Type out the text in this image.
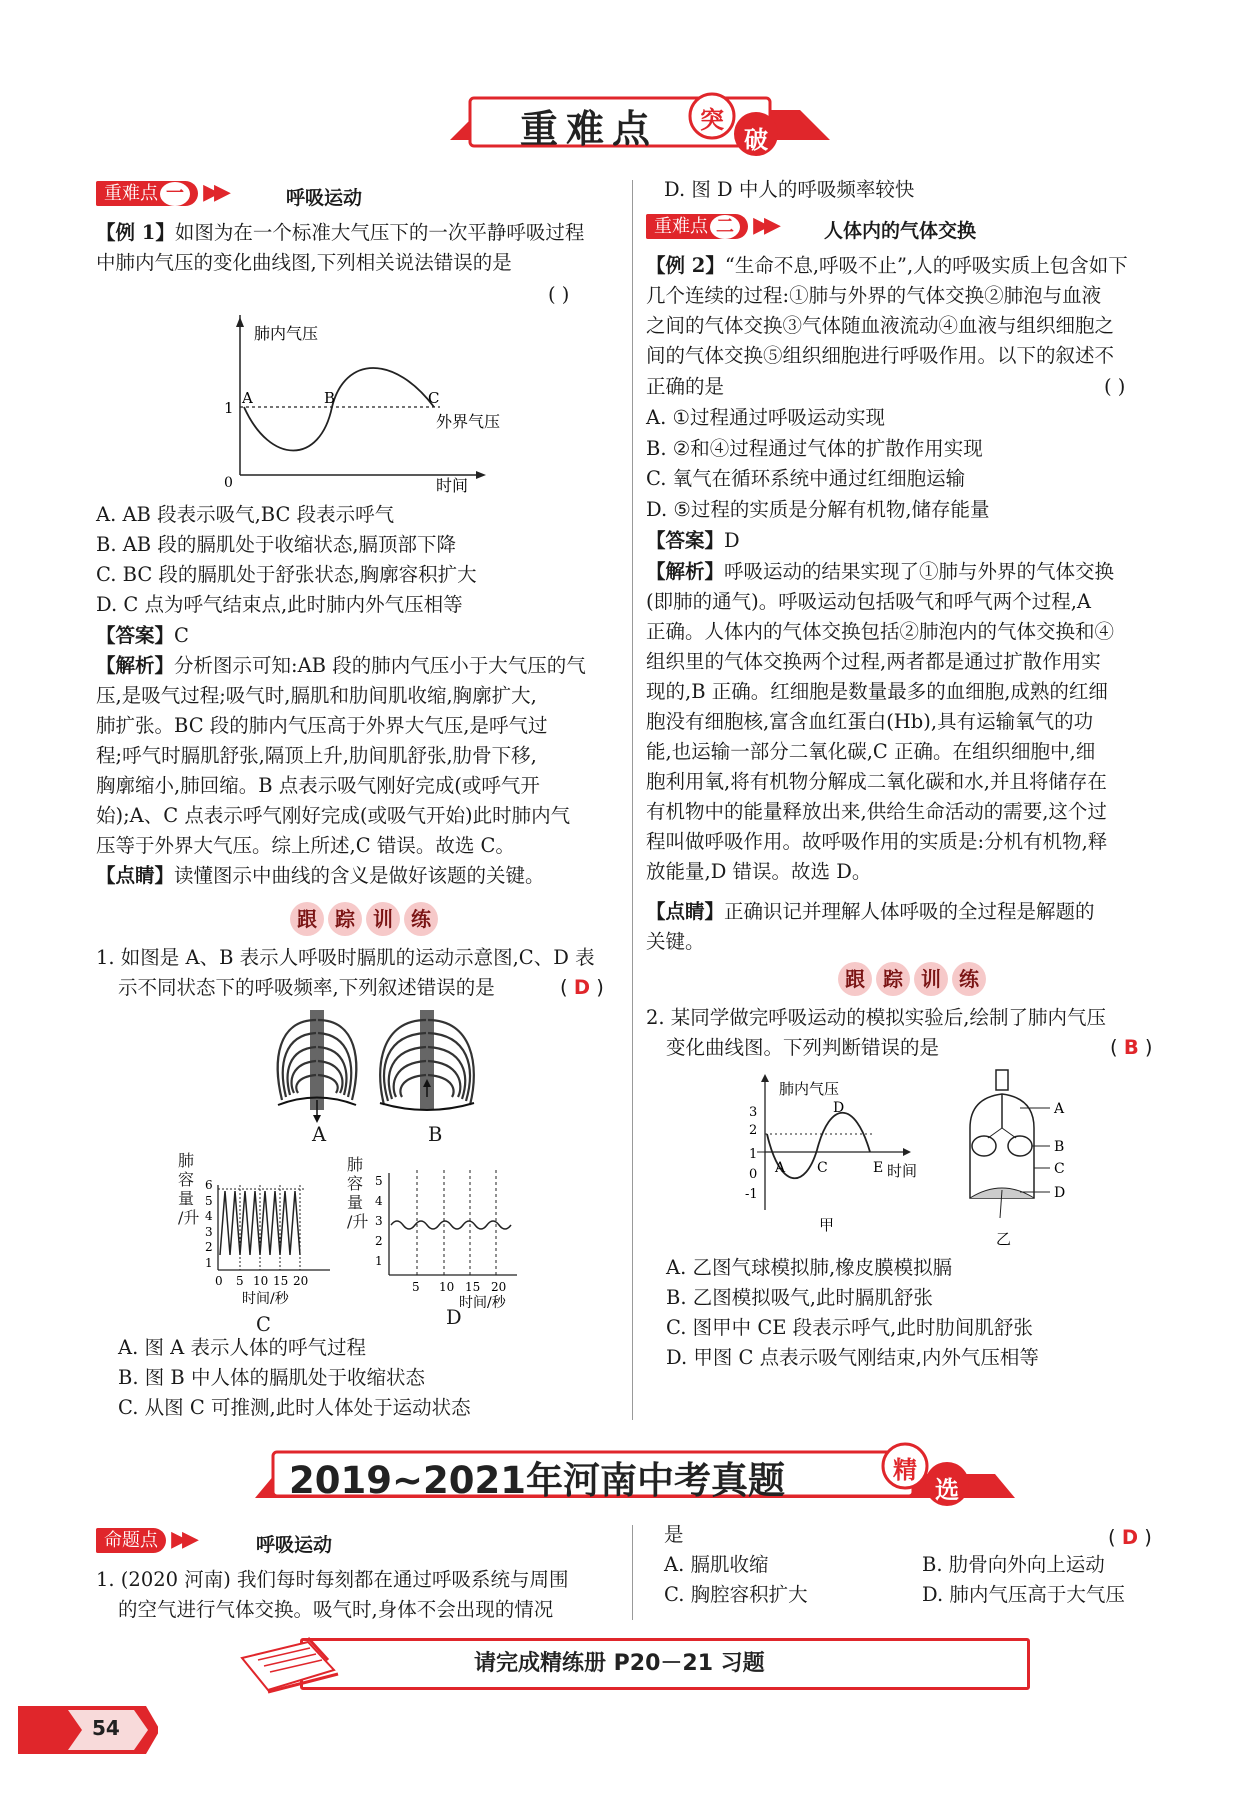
重难点 突
破
重难点 一 ▶▶	呼吸运动
【例 1】如图为在一个标准大气压下的一次平静呼吸过程
中肺内气压的变化曲线图,下列相关说法错误的是
( )
肺内气压
1
0
A	B	C
外界气压
时间
A. AB 段表示吸气,BC 段表示呼气
B. AB 段的膈肌处于收缩状态,膈顶部下降
C. BC 段的膈肌处于舒张状态,胸廓容积扩大
D. C 点为呼气结束点,此时肺内外气压相等
【答案】C
【解析】分析图示可知:AB 段的肺内气压小于大气压的气
压,是吸气过程;吸气时,膈肌和肋间肌收缩,胸廓扩大,
肺扩张。BC 段的肺内气压高于外界大气压,是呼气过
程;呼气时膈肌舒张,隔顶上升,肋间肌舒张,肋骨下移,
胸廓缩小,肺回缩。B 点表示吸气刚好完成(或呼气开
始);A、C 点表示呼气刚好完成(或吸气开始)此时肺内气
压等于外界大气压。综上所述,C 错误。故选 C。
【点睛】读懂图示中曲线的含义是做好该题的关键。
跟 踪 训 练
1. 如图是 A、B 表示人呼吸时膈肌的运动示意图,C、D 表
示不同状态下的呼吸频率,下列叙述错误的是	( D )
A	B
肺
容
量
/升
6
5
4
3
2
1
0 5 10 15 20
时间/秒
C
肺
容
量
/升
5
4
3
2
1
5 10 15 20
时间/秒
D
A. 图 A 表示人体的呼气过程
B. 图 B 中人体的膈肌处于收缩状态
C. 从图 C 可推测,此时人体处于运动状态
D. 图 D 中人的呼吸频率较快
重难点 二 ▶▶	人体内的气体交换
【例 2】“生命不息,呼吸不止”,人的呼吸实质上包含如下
几个连续的过程:①肺与外界的气体交换②肺泡与血液
之间的气体交换③气体随血液流动④血液与组织细胞之
间的气体交换⑤组织细胞进行呼吸作用。以下的叙述不
正确的是	( )
A. ①过程通过呼吸运动实现
B. ②和④过程通过气体的扩散作用实现
C. 氧气在循环系统中通过红细胞运输
D. ⑤过程的实质是分解有机物,储存能量
【答案】D
【解析】呼吸运动的结果实现了①肺与外界的气体交换
(即肺的通气)。呼吸运动包括吸气和呼气两个过程,A
正确。人体内的气体交换包括②肺泡内的气体交换和④
组织里的气体交换两个过程,两者都是通过扩散作用实
现的,B 正确。红细胞是数量最多的血细胞,成熟的红细
胞没有细胞核,富含血红蛋白(Hb),具有运输氧气的功
能,也运输一部分二氧化碳,C 正确。在组织细胞中,细
胞利用氧,将有机物分解成二氧化碳和水,并且将储存在
有机物中的能量释放出来,供给生命活动的需要,这个过
程叫做呼吸作用。故呼吸作用的实质是:分机有机物,释
放能量,D 错误。故选 D。
【点睛】正确识记并理解人体呼吸的全过程是解题的
关键。
跟 踪 训 练
2. 某同学做完呼吸运动的模拟实验后,绘制了肺内气压
变化曲线图。下列判断错误的是	( B )
3
2
1
0
-1
肺内气压
A C
D
E 时间
甲
A
B
C
D
乙
A. 乙图气球模拟肺,橡皮膜模拟膈
B. 乙图模拟吸气,此时膈肌舒张
C. 图甲中 CE 段表示呼气,此时肋间肌舒张
D. 甲图 C 点表示吸气刚结束,内外气压相等
2019~2021年河南中考真题	精
选
命题点 ▶▶	呼吸运动
1. (2020 河南) 我们每时每刻都在通过呼吸系统与周围
的空气进行气体交换。吸气时,身体不会出现的情况
是	( D )
A. 膈肌收缩	B. 肋骨向外向上运动
C. 胸腔容积扩大	D. 肺内气压高于大气压
请完成精练册 P20－21 习题
54
